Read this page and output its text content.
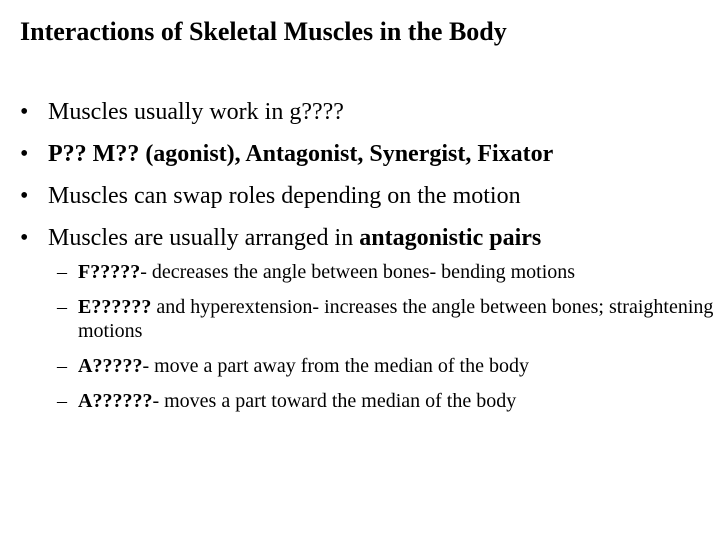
Interactions of Skeletal Muscles in the Body
• Muscles usually work in g????
• P?? M?? (agonist), Antagonist, Synergist, Fixator
• Muscles can swap roles depending on the motion
• Muscles are usually arranged in antagonistic pairs
– F?????- decreases the angle between bones- bending motions
– E?????? and hyperextension- increases the angle between bones; straightening motions
– A?????- move a part away from the median of the body
– A??????- moves a part toward the median of the body
